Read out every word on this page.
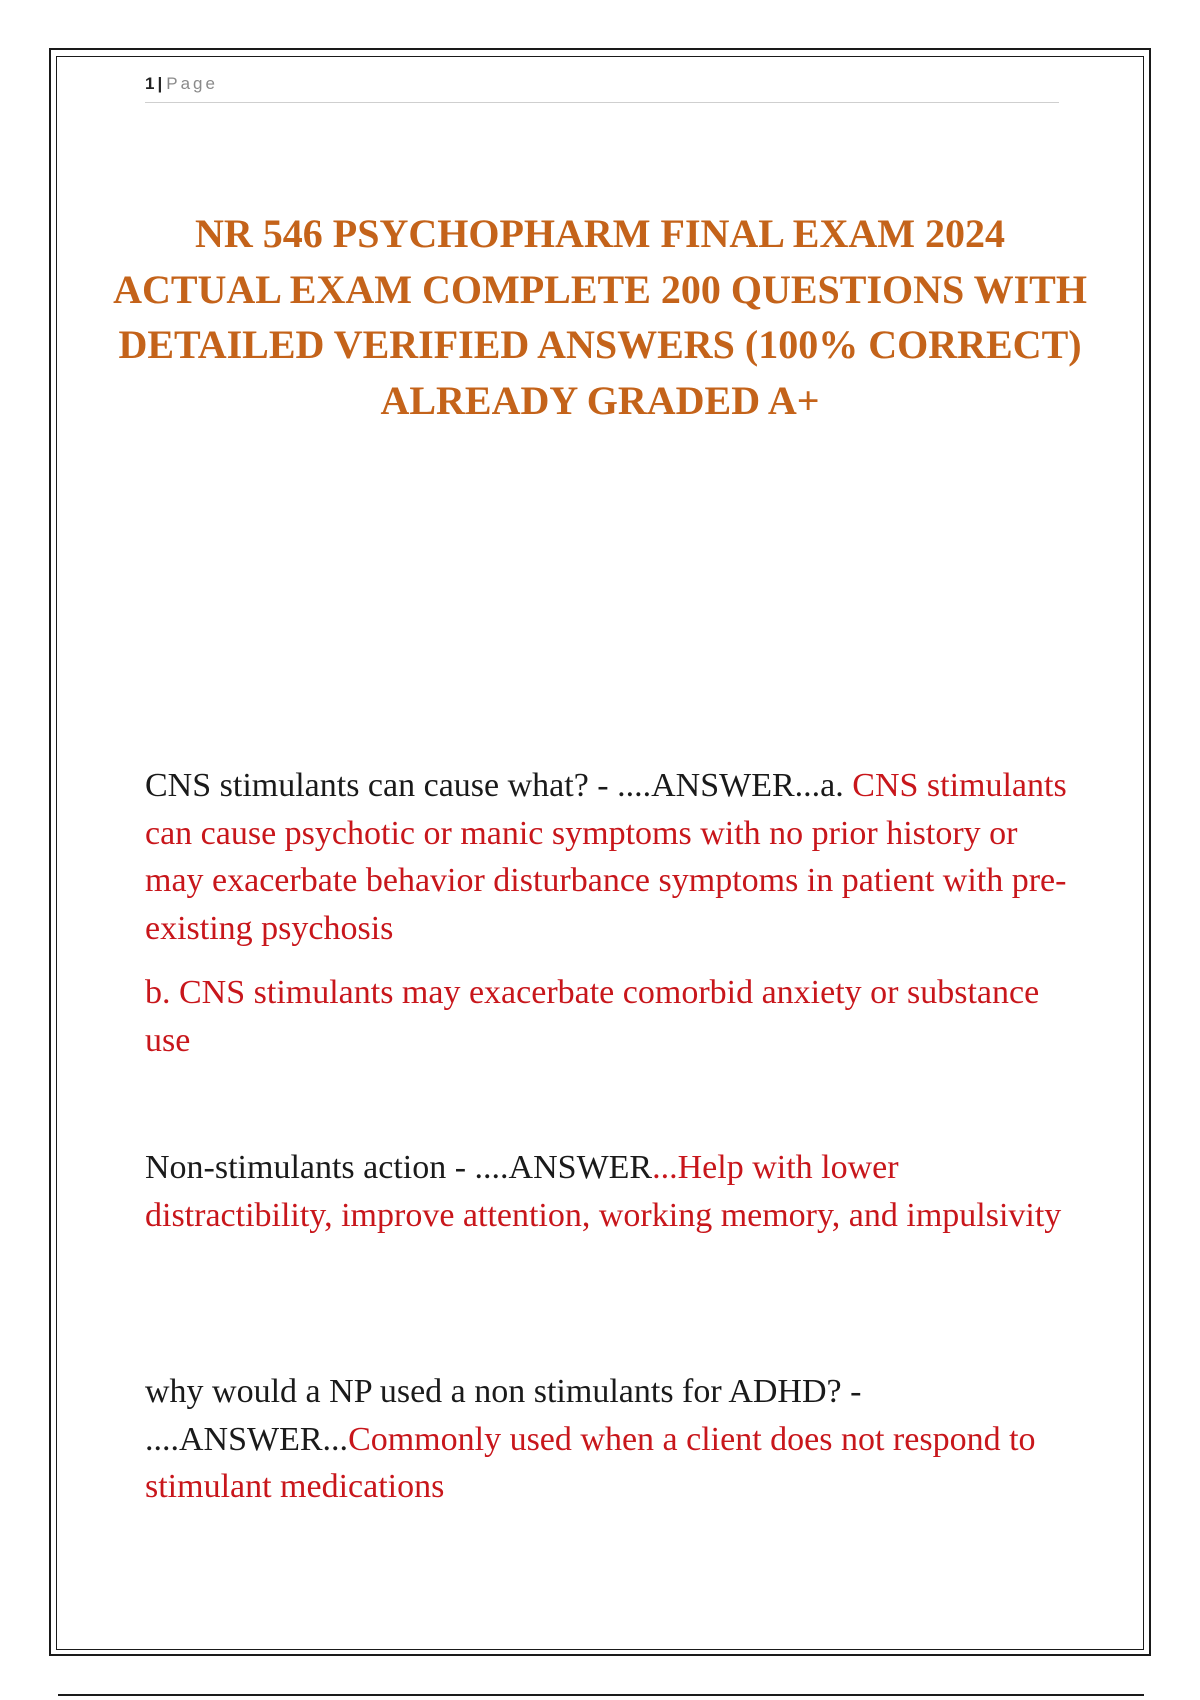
1 | Page
NR 546 PSYCHOPHARM FINAL EXAM 2024 ACTUAL EXAM COMPLETE 200 QUESTIONS WITH DETAILED VERIFIED ANSWERS (100% CORRECT) ALREADY GRADED A+

CNS stimulants can cause what? - ....ANSWER...a. CNS stimulants can cause psychotic or manic symptoms with no prior history or may exacerbate behavior disturbance symptoms in patient with pre-existing psychosis

b. CNS stimulants may exacerbate comorbid anxiety or substance use

Non-stimulants action - ....ANSWER...Help with lower distractibility, improve attention, working memory, and impulsivity

why would a NP used a non stimulants for ADHD? - ....ANSWER...Commonly used when a client does not respond to stimulant medications
